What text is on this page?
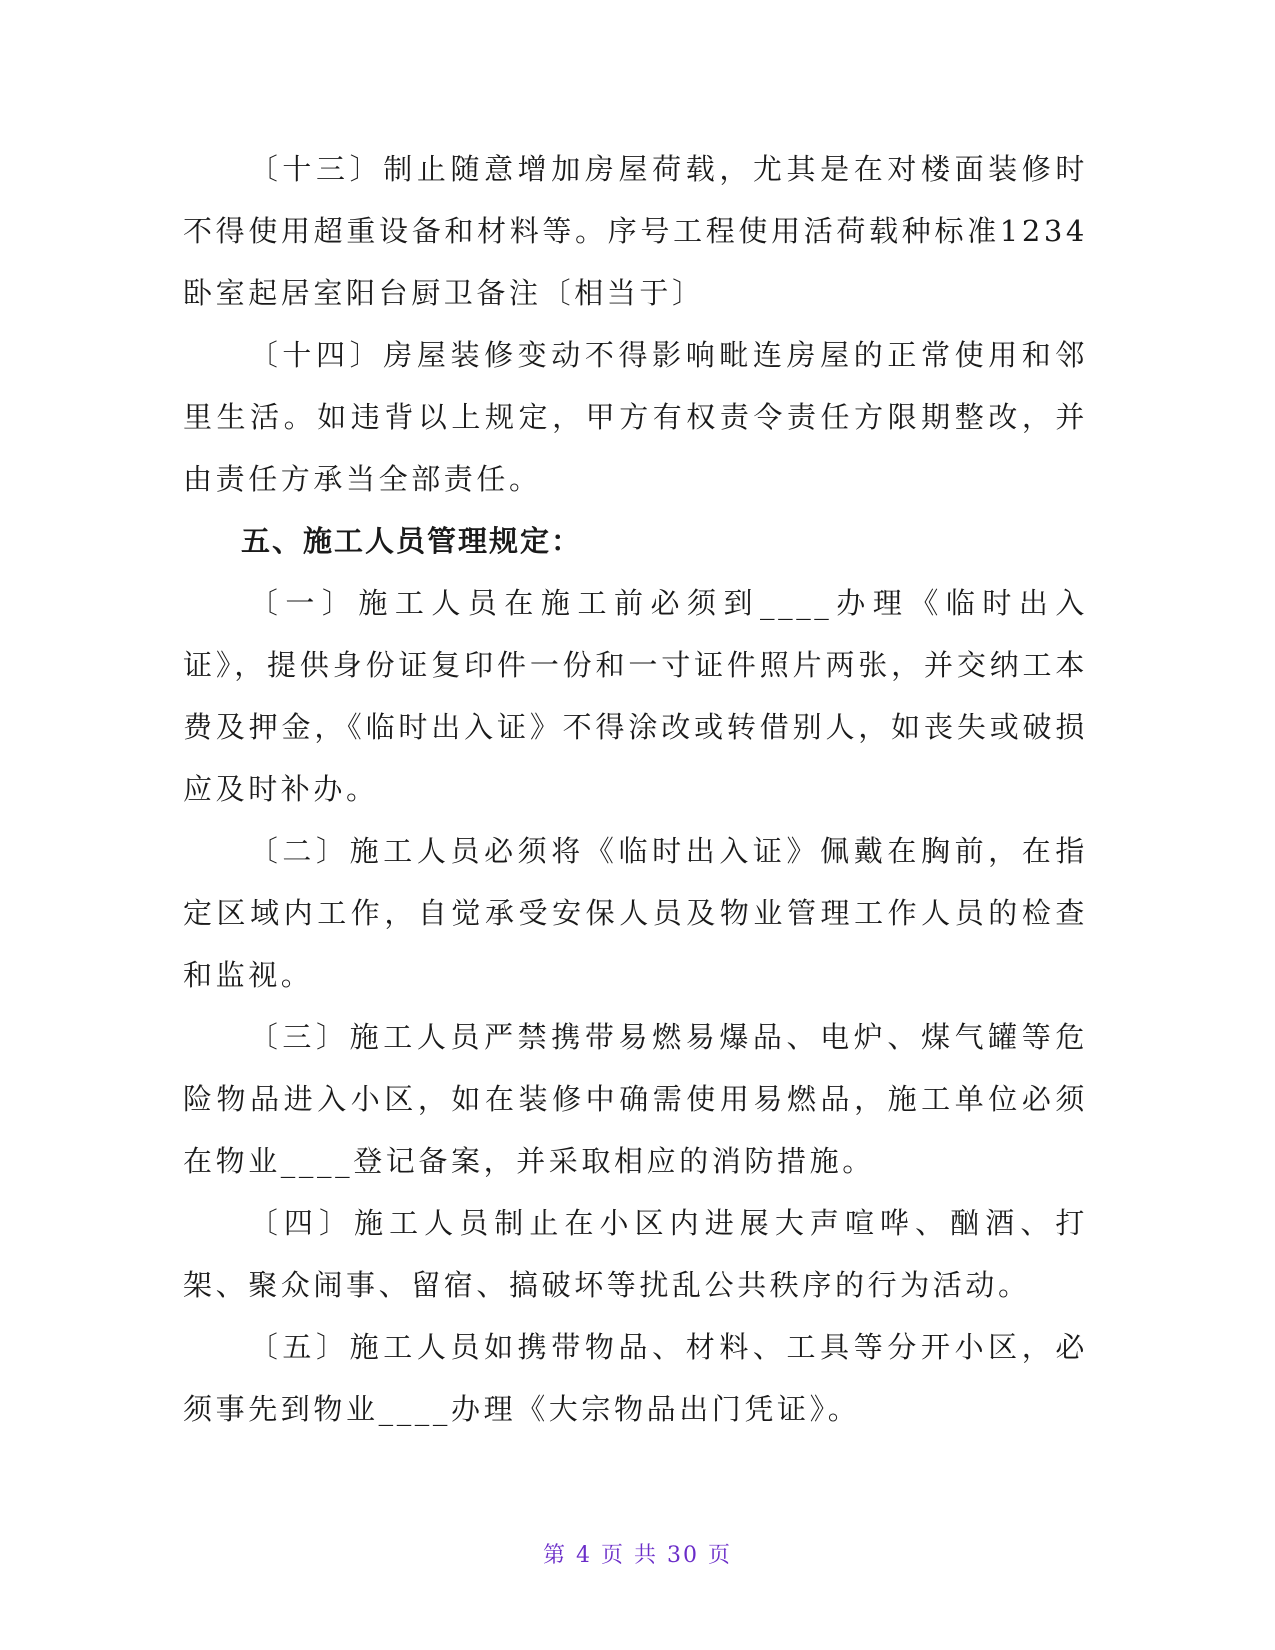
〔十三〕制止随意增加房屋荷载，尤其是在对楼面装修时不得使用超重设备和材料等。序号工程使用活荷载种标准1234卧室起居室阳台厨卫备注〔相当于〕

〔十四〕房屋装修变动不得影响毗连房屋的正常使用和邻里生活。如违背以上规定，甲方有权责令责任方限期整改，并由责任方承当全部责任。

五、施工人员管理规定：

〔一〕施工人员在施工前必须到____办理《临时出入证》，提供身份证复印件一份和一寸证件照片两张，并交纳工本费及押金，《临时出入证》不得涂改或转借别人，如丧失或破损应及时补办。

〔二〕施工人员必须将《临时出入证》佩戴在胸前，在指定区域内工作，自觉承受安保人员及物业管理工作人员的检查和监视。

〔三〕施工人员严禁携带易燃易爆品、电炉、煤气罐等危险物品进入小区，如在装修中确需使用易燃品，施工单位必须在物业____登记备案，并采取相应的消防措施。

〔四〕施工人员制止在小区内进展大声喧哗、酗酒、打架、聚众闹事、留宿、搞破坏等扰乱公共秩序的行为活动。

〔五〕施工人员如携带物品、材料、工具等分开小区，必须事先到物业____办理《大宗物品出门凭证》。

第 4 页 共 30 页
